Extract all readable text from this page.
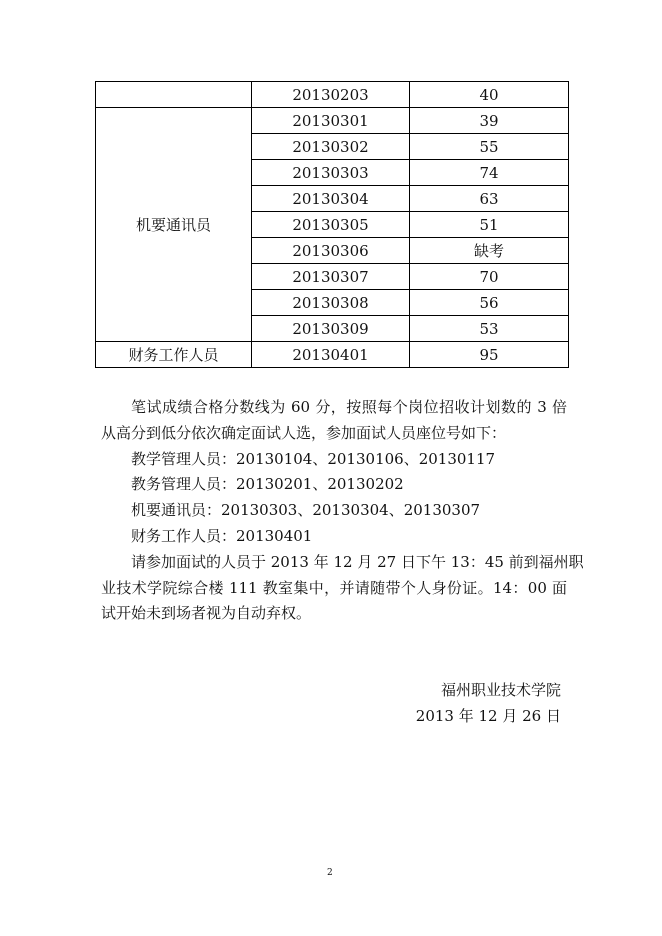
	20130203	40
机要通讯员	20130301	39
	20130302	55
	20130303	74
	20130304	63
	20130305	51
	20130306	缺考
	20130307	70
	20130308	56
	20130309	53
财务工作人员	20130401	95
笔试成绩合格分数线为 60 分，按照每个岗位招收计划数的 3 倍
从高分到低分依次确定面试人选，参加面试人员座位号如下：
教学管理人员：20130104、20130106、20130117
教务管理人员：20130201、20130202
机要通讯员：20130303、20130304、20130307
财务工作人员：20130401
请参加面试的人员于 2013 年 12 月 27 日下午 13：45 前到福州职
业技术学院综合楼 111 教室集中，并请随带个人身份证。14：00 面
试开始未到场者视为自动弃权。
福州职业技术学院
2013 年 12 月 26 日
2
